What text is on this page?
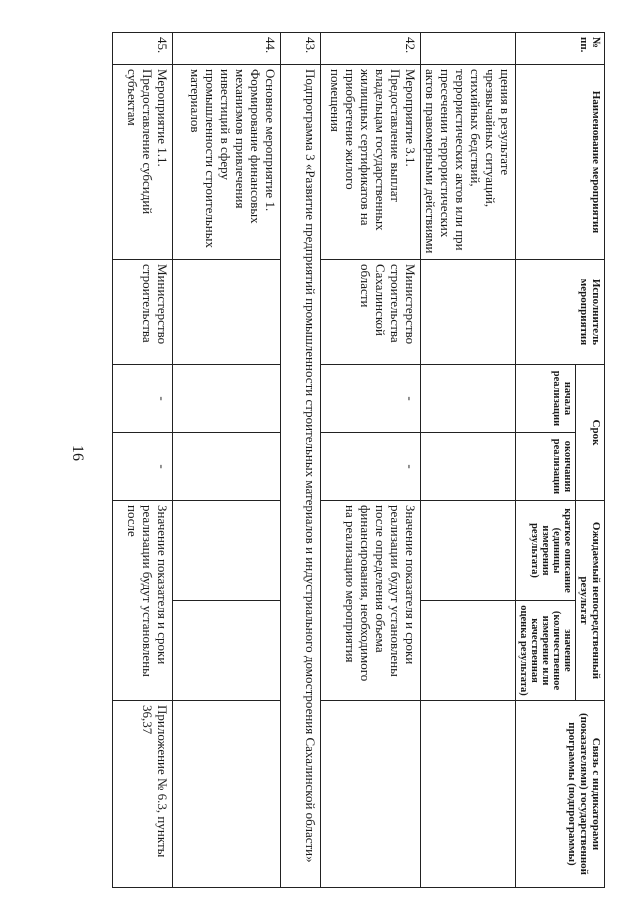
16
№ пп.	Наименование мероприятия	Исполнитель мероприятия	Срок		Ожидаемый непосредственный результат		Связь с индикаторами (показателями) государственной программы (подпрограммы)
			начала реализации	окончания реализации	краткое описание (единицы измерения результата)	значение (количественное измерение или качественная оценка результата)	
	щения в результате чрезвычайных ситуаций, стихийных бедствий, террористических актов или при пресечении террористических актов правомерными действиями						
42.	Мероприятие 3.1. Предоставление выплат владельцам государственных жилищных сертификатов на приобретение жилого помещения	Министерство строительства Сахалинской области	-	-	Значение показателя и сроки реализации будут установлены после определения объема финансирования, необходимого на реализацию мероприятия		
43.	Подпрограмма 3 «Развитие предприятий промышленности строительных материалов и индустриального домостроения Сахалинской области»						
44.	Основное мероприятие 1. Формирование финансовых механизмов привлечения инвестиций в сферу промышленности строительных материалов						
45.	Мероприятие 1.1. Предоставление субсидий субъектам	Министерство строительства	-	-	Значение показателя и сроки реализации будут установлены после		Приложение № 6.3, пункты 36,37
